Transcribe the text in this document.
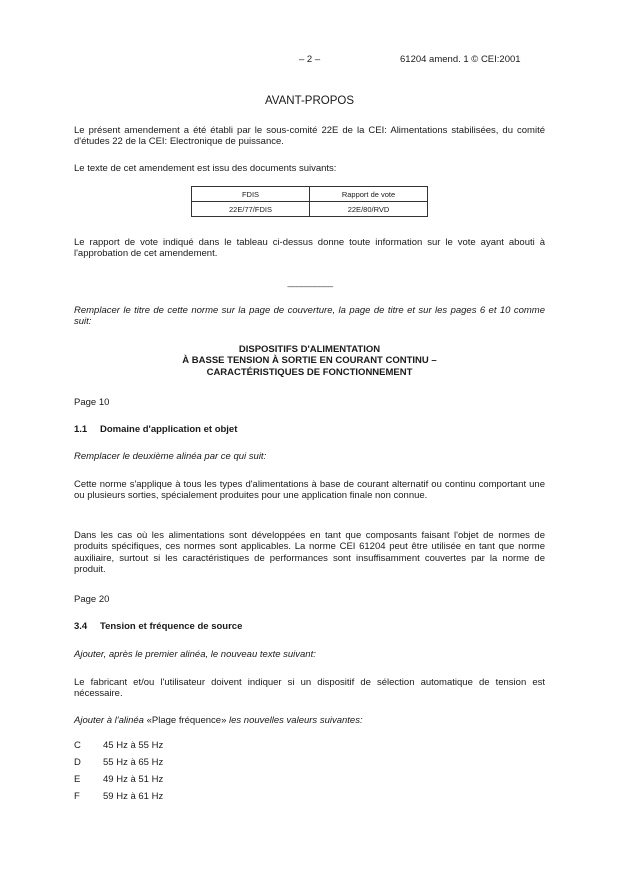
– 2 –	61204 amend. 1 © CEI:2001
AVANT-PROPOS
Le présent amendement a été établi par le sous-comité 22E de la CEI: Alimentations stabilisées, du comité d'études 22 de la CEI: Electronique de puissance.
Le texte de cet amendement est issu des documents suivants:
FDIS	Rapport de vote
22E/77/FDIS	22E/80/RVD
Le rapport de vote indiqué dans le tableau ci-dessus donne toute information sur le vote ayant abouti à l'approbation de cet amendement.
Remplacer le titre de cette norme sur la page de couverture, la page de titre et sur les pages 6 et 10 comme suit:
DISPOSITIFS D'ALIMENTATION
À BASSE TENSION À SORTIE EN COURANT CONTINU –
CARACTÉRISTIQUES DE FONCTIONNEMENT
Page 10
1.1 Domaine d'application et objet
Remplacer le deuxième alinéa par ce qui suit:
Cette norme s'applique à tous les types d'alimentations à base de courant alternatif ou continu comportant une ou plusieurs sorties, spécialement produites pour une application finale non connue.
Dans les cas où les alimentations sont développées en tant que composants faisant l'objet de normes de produits spécifiques, ces normes sont applicables. La norme CEI 61204 peut être utilisée en tant que norme auxiliaire, surtout si les caractéristiques de performances sont insuffisamment couvertes par la norme de produit.
Page 20
3.4 Tension et fréquence de source
Ajouter, après le premier alinéa, le nouveau texte suivant:
Le fabricant et/ou l'utilisateur doivent indiquer si un dispositif de sélection automatique de tension est nécessaire.
Ajouter à l'alinéa «Plage fréquence» les nouvelles valeurs suivantes:
C 45 Hz à 55 Hz
D 55 Hz à 65 Hz
E 49 Hz à 51 Hz
F 59 Hz à 61 Hz
__________
